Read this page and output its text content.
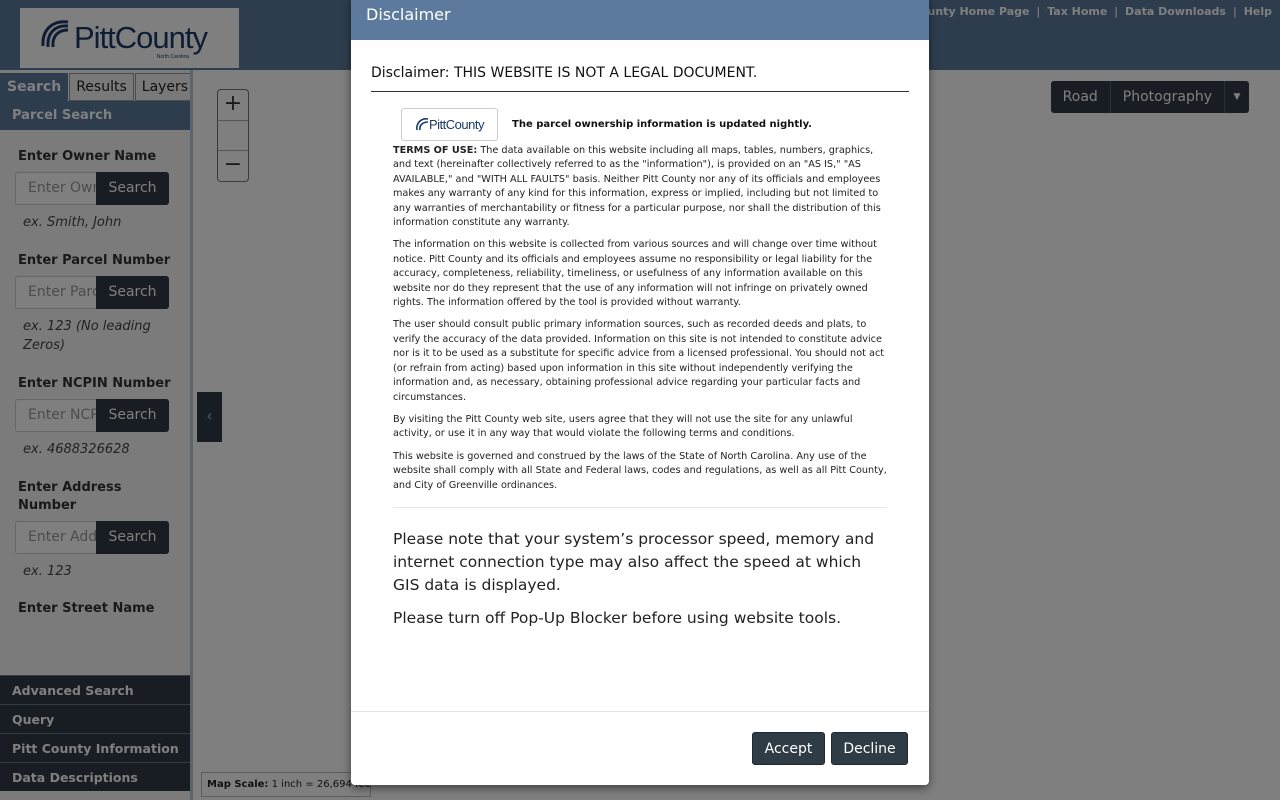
Disclaimer
Disclaimer: THIS WEBSITE IS NOT A LEGAL DOCUMENT.
PittCounty	The parcel ownership information is updated nightly.

TERMS OF USE: The data available on this website including all maps, tables, numbers, graphics, and text (hereinafter collectively referred to as the "information"), is provided on an "AS IS," "AS AVAILABLE," and "WITH ALL FAULTS" basis. Neither Pitt County nor any of its officials and employees makes any warranty of any kind for this information, express or implied, including but not limited to any warranties of merchantability or fitness for a particular purpose, nor shall the distribution of this information constitute any warranty.

The information on this website is collected from various sources and will change over time without notice. Pitt County and its officials and employees assume no responsibility or legal liability for the accuracy, completeness, reliability, timeliness, or usefulness of any information available on this website nor do they represent that the use of any information will not infringe on privately owned rights. The information offered by the tool is provided without warranty.

The user should consult public primary information sources, such as recorded deeds and plats, to verify the accuracy of the data provided. Information on this site is not intended to constitute advice nor is it to be used as a substitute for specific advice from a licensed professional. You should not act (or refrain from acting) based upon information in this site without independently verifying the information and, as necessary, obtaining professional advice regarding your particular facts and circumstances.

By visiting the Pitt County web site, users agree that they will not use the site for any unlawful activity, or use it in any way that would violate the following terms and conditions.

This website is governed and construed by the laws of the State of North Carolina. Any use of the website shall comply with all State and Federal laws, codes and regulations, as well as all Pitt County, and City of Greenville ordinances.

Please note that your system’s processor speed, memory and internet connection type may also affect the speed at which GIS data is displayed.

Please turn off Pop-Up Blocker before using website tools.

Accept	Decline
